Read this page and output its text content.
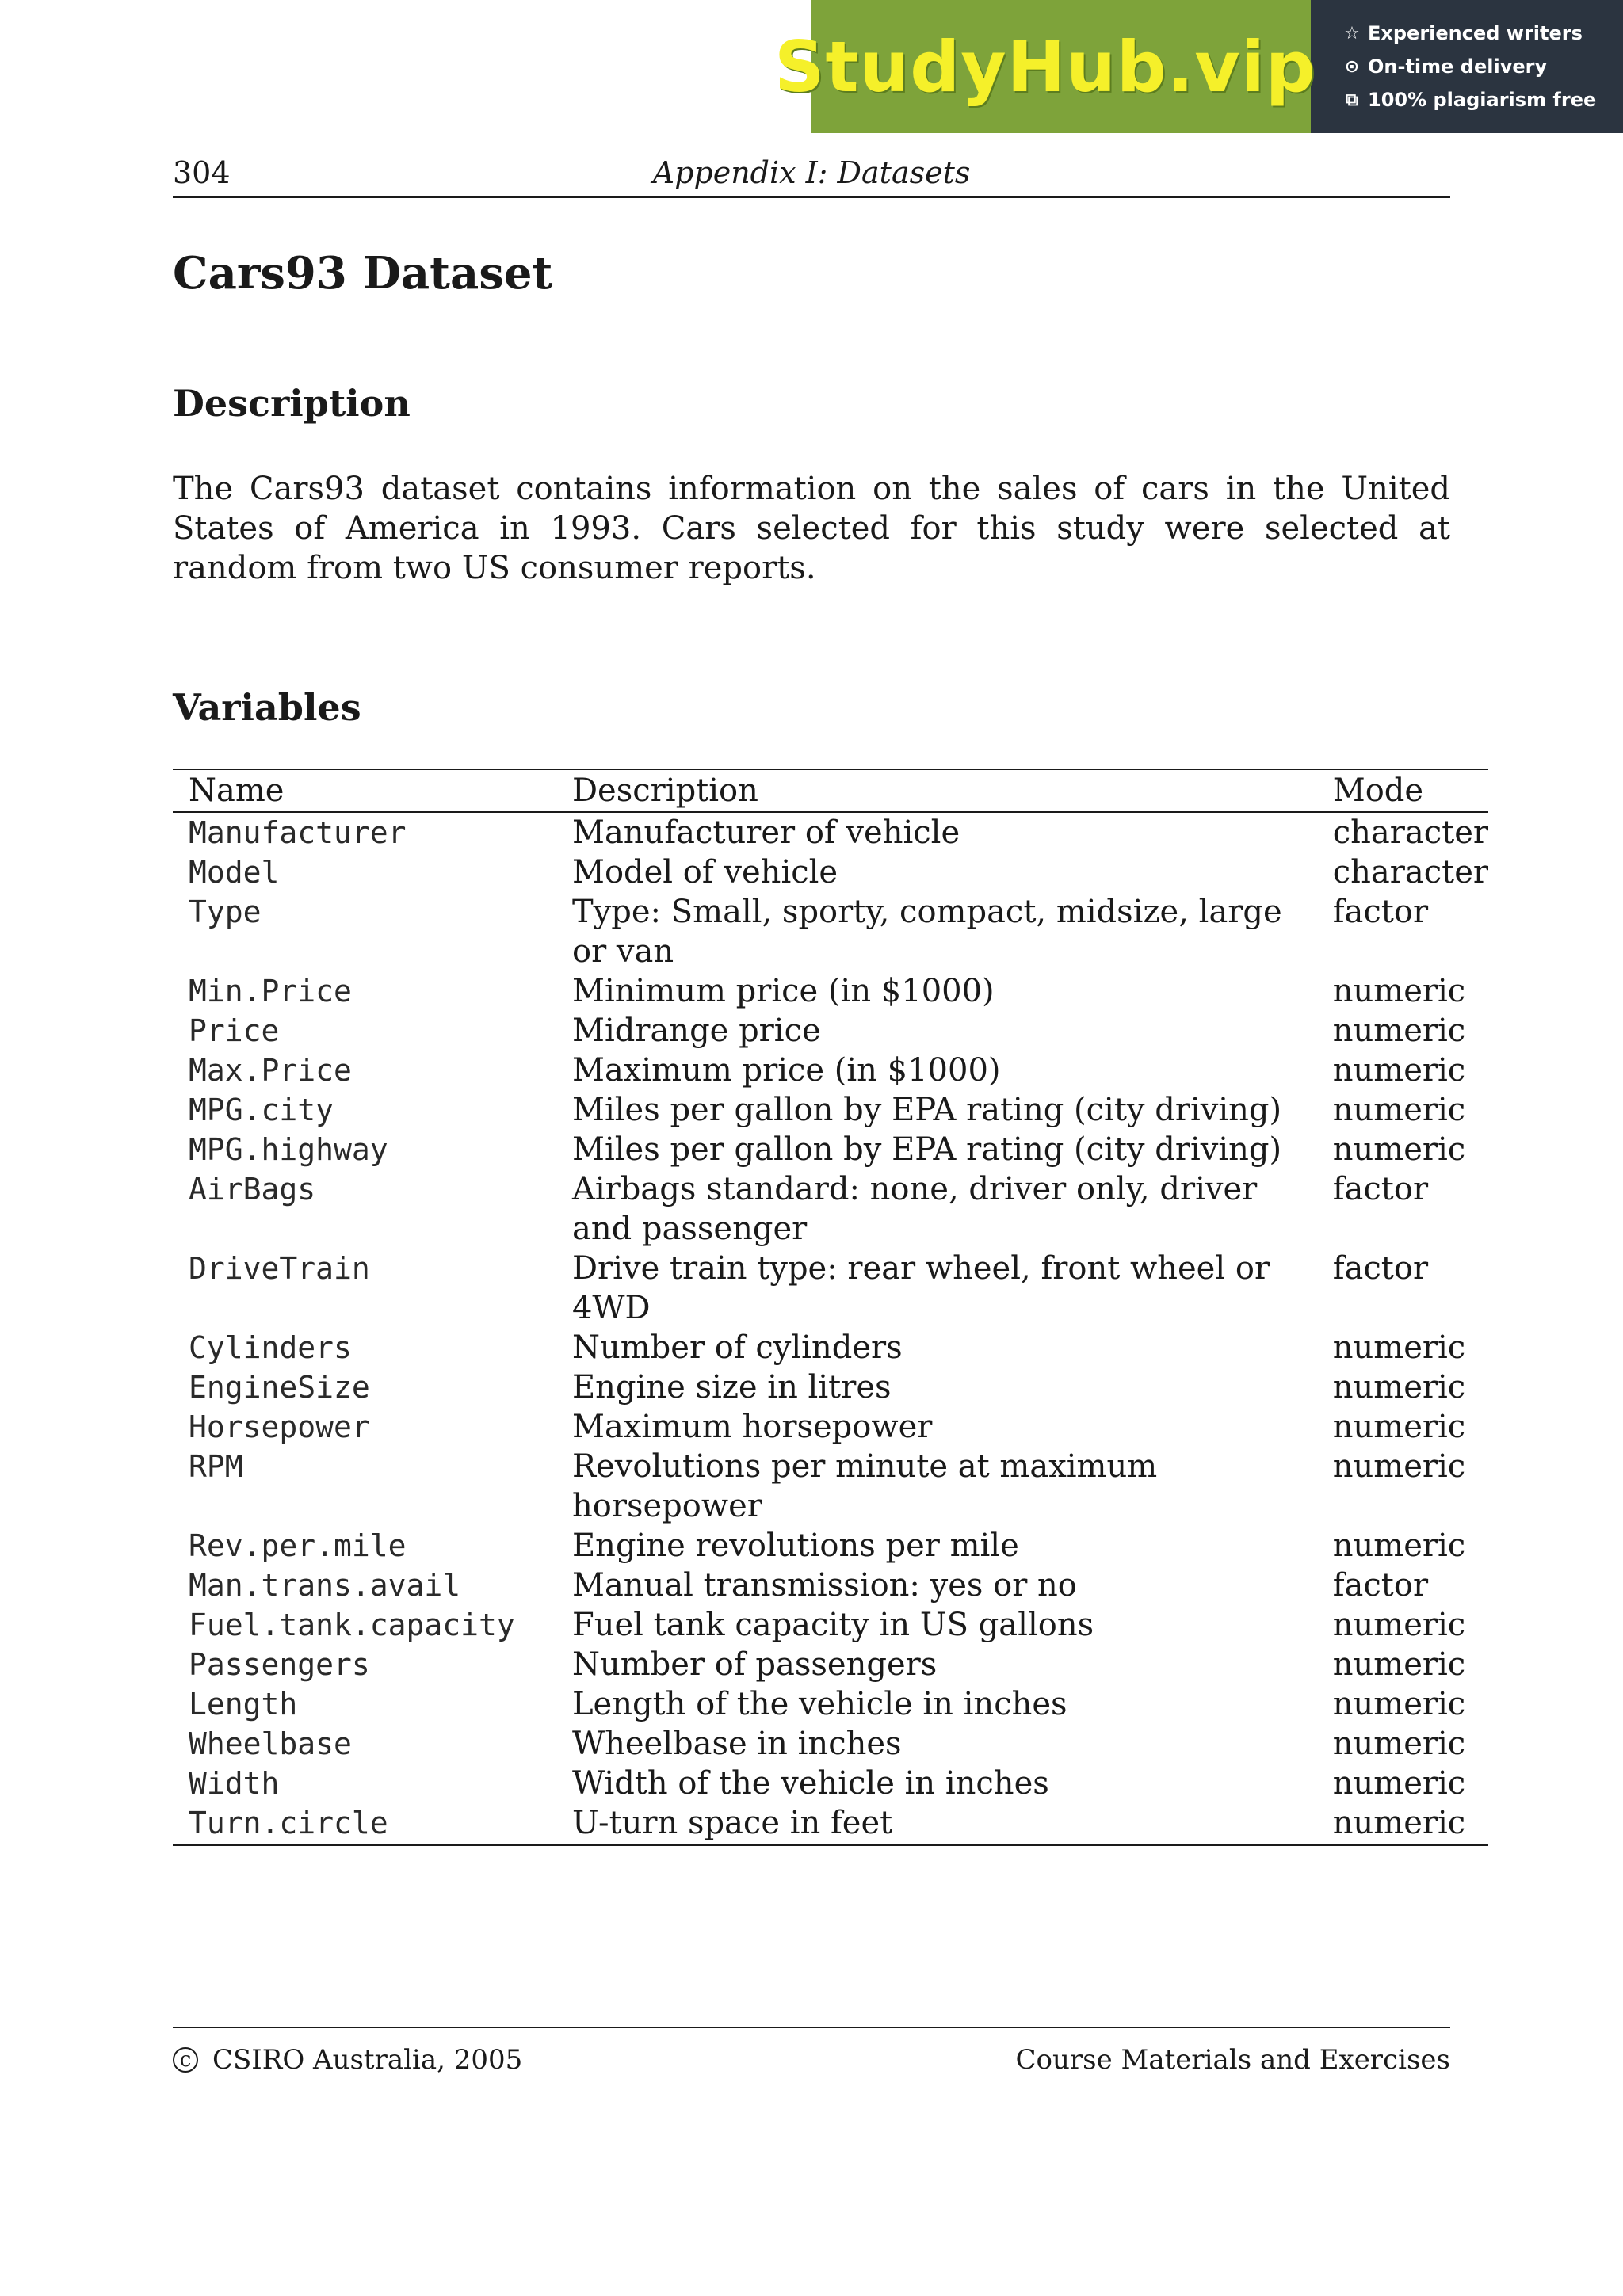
StudyHub.vip ☆ Experienced writers
⊙ On-time delivery
⧉ 100% plagiarism free
304	Appendix I: Datasets
Cars93 Dataset
Description

The Cars93 dataset contains information on the sales of cars in the United States of America in 1993. Cars selected for this study were selected at random from two US consumer reports.

Variables
Name	Description	Mode
Manufacturer	Manufacturer of vehicle	character
Model	Model of vehicle	character
Type	Type: Small, sporty, compact, midsize, large or van	factor
Min.Price	Minimum price (in $1000)	numeric
Price	Midrange price	numeric
Max.Price	Maximum price (in $1000)	numeric
MPG.city	Miles per gallon by EPA rating (city driving)	numeric
MPG.highway	Miles per gallon by EPA rating (city driving)	numeric
AirBags	Airbags standard: none, driver only, driver and passenger	factor
DriveTrain	Drive train type: rear wheel, front wheel or 4WD	factor
Cylinders	Number of cylinders	numeric
EngineSize	Engine size in litres	numeric
Horsepower	Maximum horsepower	numeric
RPM	Revolutions per minute at maximum horsepower	numeric
Rev.per.mile	Engine revolutions per mile	numeric
Man.trans.avail	Manual transmission: yes or no	factor
Fuel.tank.capacity	Fuel tank capacity in US gallons	numeric
Passengers	Number of passengers	numeric
Length	Length of the vehicle in inches	numeric
Wheelbase	Wheelbase in inches	numeric
Width	Width of the vehicle in inches	numeric
Turn.circle	U-turn space in feet	numeric
c CSIRO Australia, 2005	Course Materials and Exercises
